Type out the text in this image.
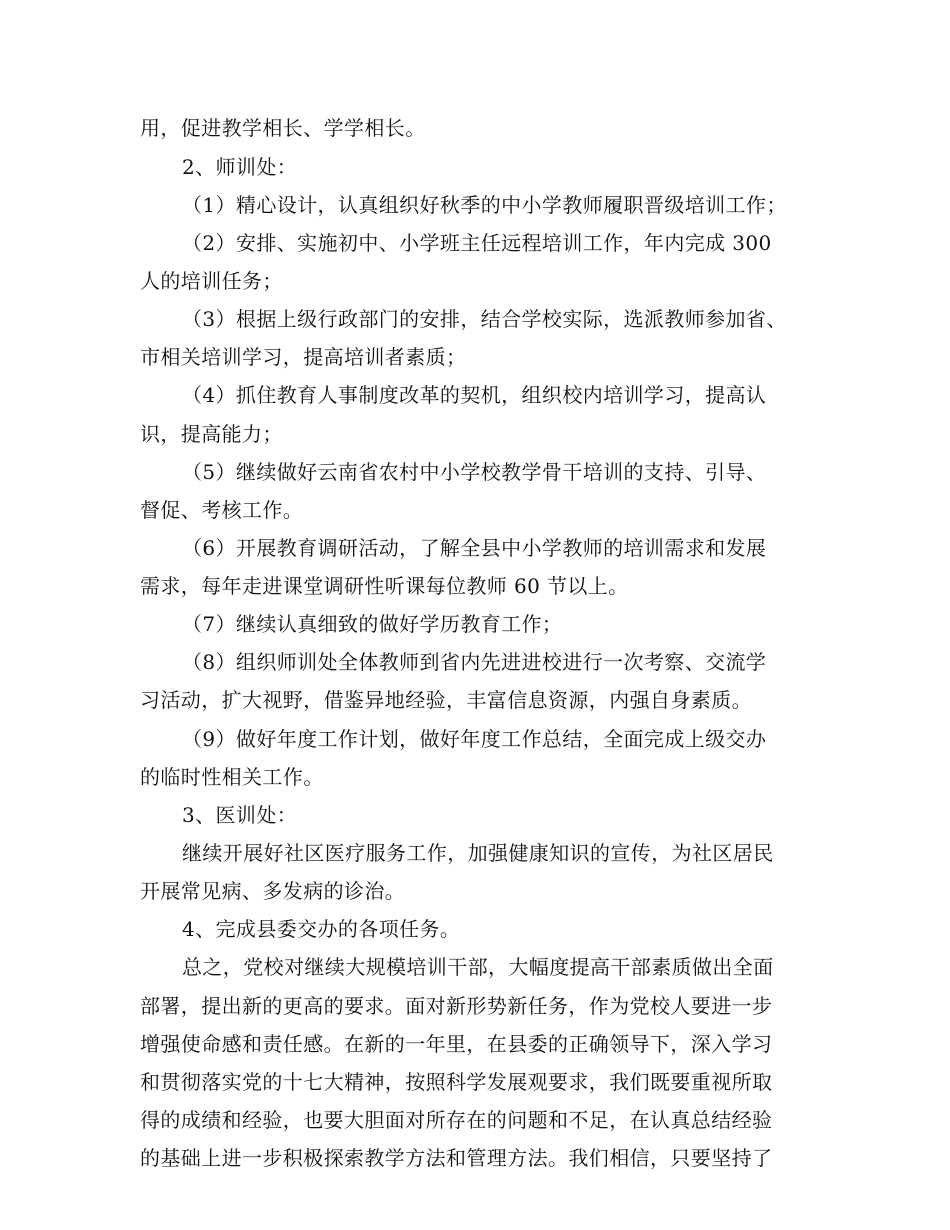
用，促进教学相长、学学相长。
2、师训处：
（1）精心设计，认真组织好秋季的中小学教师履职晋级培训工作；
（2）安排、实施初中、小学班主任远程培训工作，年内完成 300
人的培训任务；
（3）根据上级行政部门的安排，结合学校实际，选派教师参加省、
市相关培训学习，提高培训者素质；
（4）抓住教育人事制度改革的契机，组织校内培训学习，提高认
识，提高能力；
（5）继续做好云南省农村中小学校教学骨干培训的支持、引导、
督促、考核工作。
（6）开展教育调研活动，了解全县中小学教师的培训需求和发展
需求，每年走进课堂调研性听课每位教师 60 节以上。
（7）继续认真细致的做好学历教育工作；
（8）组织师训处全体教师到省内先进进校进行一次考察、交流学
习活动，扩大视野，借鉴异地经验，丰富信息资源，内强自身素质。
（9）做好年度工作计划，做好年度工作总结，全面完成上级交办
的临时性相关工作。
3、医训处：
继续开展好社区医疗服务工作，加强健康知识的宣传，为社区居民
开展常见病、多发病的诊治。
4、完成县委交办的各项任务。
总之，党校对继续大规模培训干部，大幅度提高干部素质做出全面
部署，提出新的更高的要求。面对新形势新任务，作为党校人要进一步
增强使命感和责任感。在新的一年里，在县委的正确领导下，深入学习
和贯彻落实党的十七大精神，按照科学发展观要求，我们既要重视所取
得的成绩和经验，也要大胆面对所存在的问题和不足，在认真总结经验
的基础上进一步积极探索教学方法和管理方法。我们相信，只要坚持了
